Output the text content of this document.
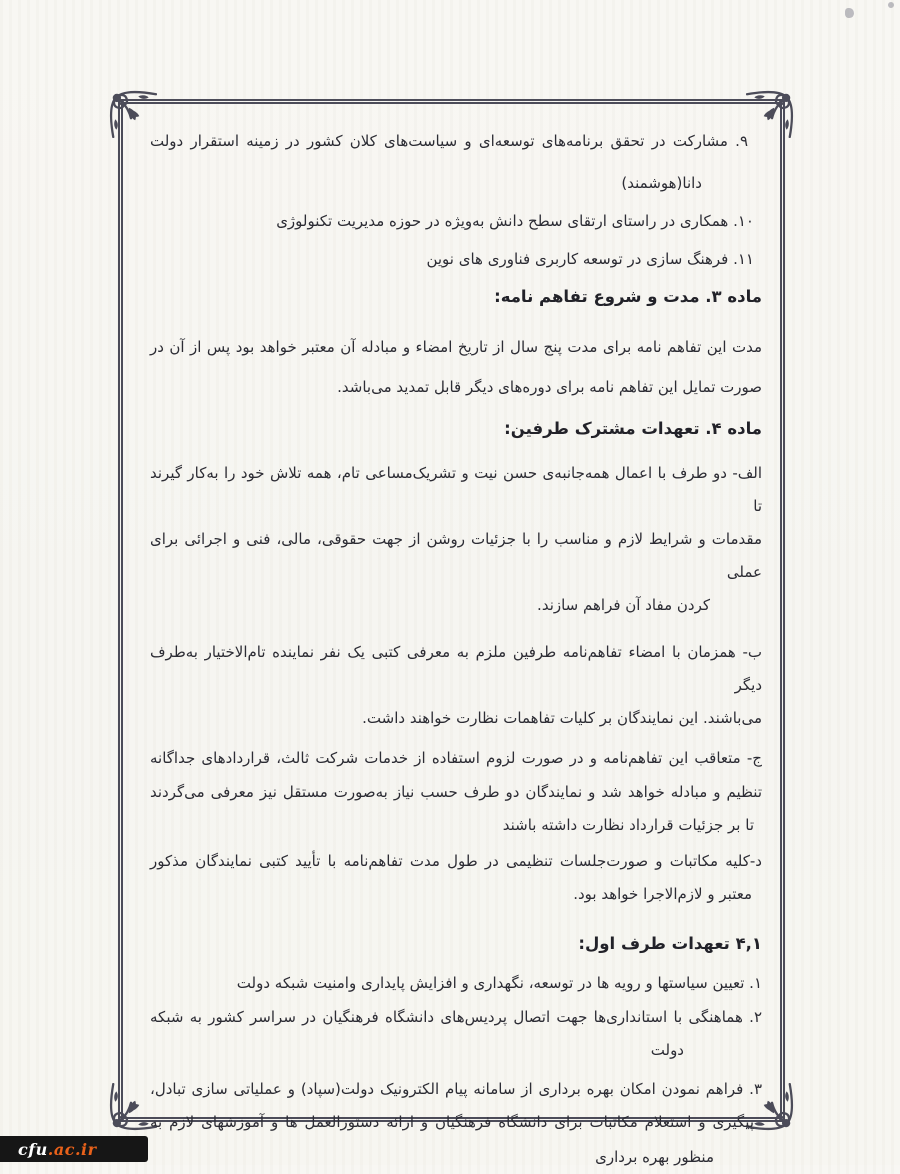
۹. مشارکت در تحقق برنامه‌های توسعه‌ای و سیاست‌های کلان کشور در زمینه استقرار دولت
دانا(هوشمند)
۱۰. همکاری در راستای ارتقای سطح دانش به‌ویژه در حوزه مدیریت تکنولوژی
۱۱. فرهنگ سازی در توسعه کاربری فناوری های نوین
ماده ۳. مدت و شروع تفاهم نامه:
مدت این تفاهم نامه برای مدت پنج سال از تاریخ امضاء و مبادله آن معتبر خواهد بود پس از آن در
صورت تمایل این تفاهم نامه برای دوره‌های دیگر قابل تمدید می‌باشد.
ماده ۴. تعهدات مشترک طرفین:
الف- دو طرف با اعمال همه‌جانبه‌ی حسن نیت و تشریک‌مساعی تام، همه تلاش خود را به‌کار گیرند تا
مقدمات و شرایط لازم و مناسب را با جزئیات روشن از جهت حقوقی، مالی، فنی و اجرائی برای عملی
کردن مفاد آن فراهم سازند.
ب- همزمان با امضاء تفاهم‌نامه طرفین ملزم به معرفی کتبی یک نفر نماینده تام‌الاختیار به‌طرف دیگر
می‌باشند. این نمایندگان بر کلیات تفاهمات نظارت خواهند داشت.
ج- متعاقب این تفاهم‌نامه و در صورت لزوم استفاده از خدمات شرکت ثالث، قراردادهای جداگانه
تنظیم و مبادله خواهد شد و نمایندگان دو طرف حسب نیاز به‌صورت مستقل نیز معرفی می‌گردند
تا بر جزئیات قرارداد نظارت داشته باشند
د-کلیه مکاتبات و صورت‌جلسات تنظیمی در طول مدت تفاهم‌نامه با تأیید کتبی نمایندگان مذکور
معتبر و لازم‌الاجرا خواهد بود.
۴,۱ تعهدات طرف اول:
۱. تعیین سیاستها و رویه ها در توسعه، نگهداری و افزایش پایداری وامنیت شبکه دولت
۲. هماهنگی با استانداری‌ها جهت اتصال پردیس‌های دانشگاه فرهنگیان در سراسر کشور به شبکه
دولت
۳. فراهم نمودن امکان بهره برداری از سامانه پیام الکترونیک دولت(سپاد) و عملیاتی سازی تبادل،
پیگیری و استعلام مکاتبات برای دانشگاه فرهنگیان و ارائه دستورالعمل ها و آموزشهای لازم به
منظور بهره برداری
cfu .ac.ir
